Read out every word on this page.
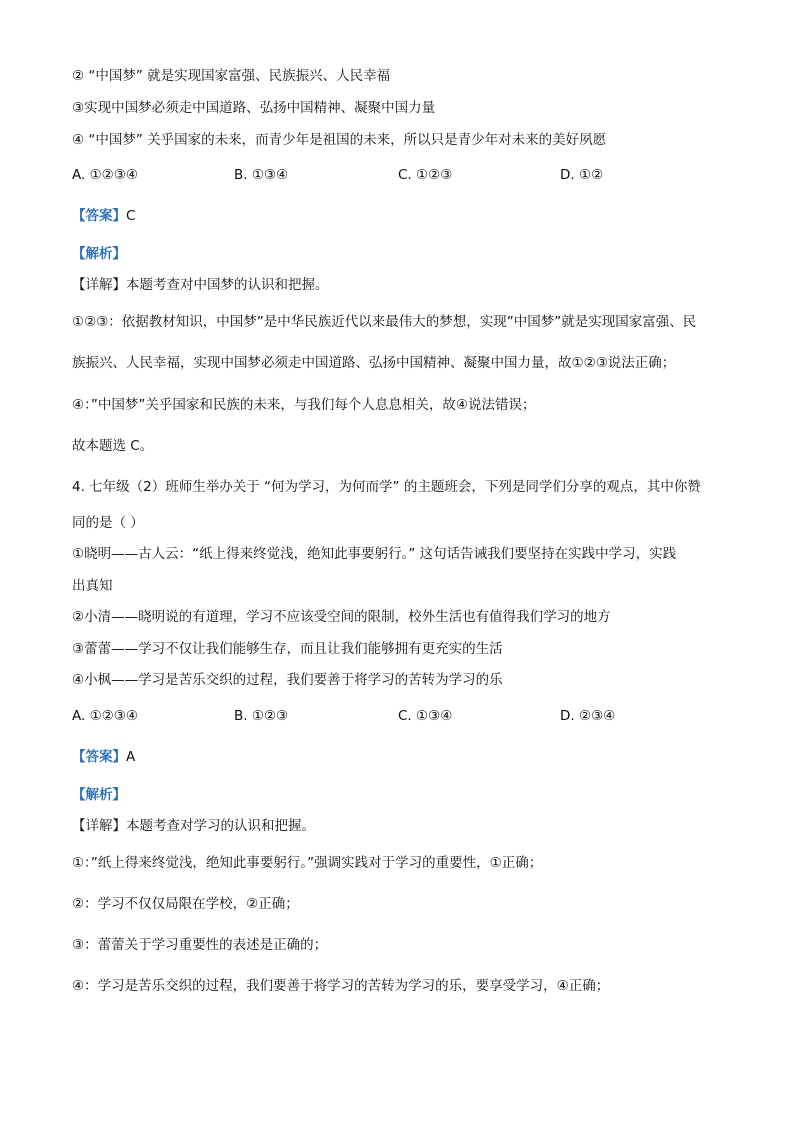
② “中国梦” 就是实现国家富强、民族振兴、人民幸福
③实现中国梦必须走中国道路、弘扬中国精神、凝聚中国力量
④ “中国梦” 关乎国家的未来，而青少年是祖国的未来，所以只是青少年对未来的美好夙愿
A. ①②③④	B. ①③④	C. ①②③	D. ①②
【答案】C
【解析】
【详解】本题考查对中国梦的认识和把握。
①②③：依据教材知识，中国梦”是中华民族近代以来最伟大的梦想，实现”中国梦”就是实现国家富强、民
族振兴、人民幸福，实现中国梦必须走中国道路、弘扬中国精神、凝聚中国力量，故①②③说法正确；
④：”中国梦”关乎国家和民族的未来，与我们每个人息息相关，故④说法错误；
故本题选 C。
4. 七年级（2）班师生举办关于 “何为学习，为何而学” 的主题班会，下列是同学们分享的观点，其中你赞
同的是（ ）
①晓明——古人云：“纸上得来终觉浅，绝知此事要躬行。” 这句话告诫我们要坚持在实践中学习，实践
出真知
②小清——晓明说的有道理，学习不应该受空间的限制，校外生活也有值得我们学习的地方
③蕾蕾——学习不仅让我们能够生存，而且让我们能够拥有更充实的生活
④小枫——学习是苦乐交织的过程，我们要善于将学习的苦转为学习的乐
A. ①②③④	B. ①②③	C. ①③④	D. ②③④
【答案】A
【解析】
【详解】本题考查对学习的认识和把握。
①：”纸上得来终觉浅，绝知此事要躬行。”强调实践对于学习的重要性，①正确；
②：学习不仅仅局限在学校，②正确；
③：蕾蕾关于学习重要性的表述是正确的；
④：学习是苦乐交织的过程，我们要善于将学习的苦转为学习的乐，要享受学习，④正确；
